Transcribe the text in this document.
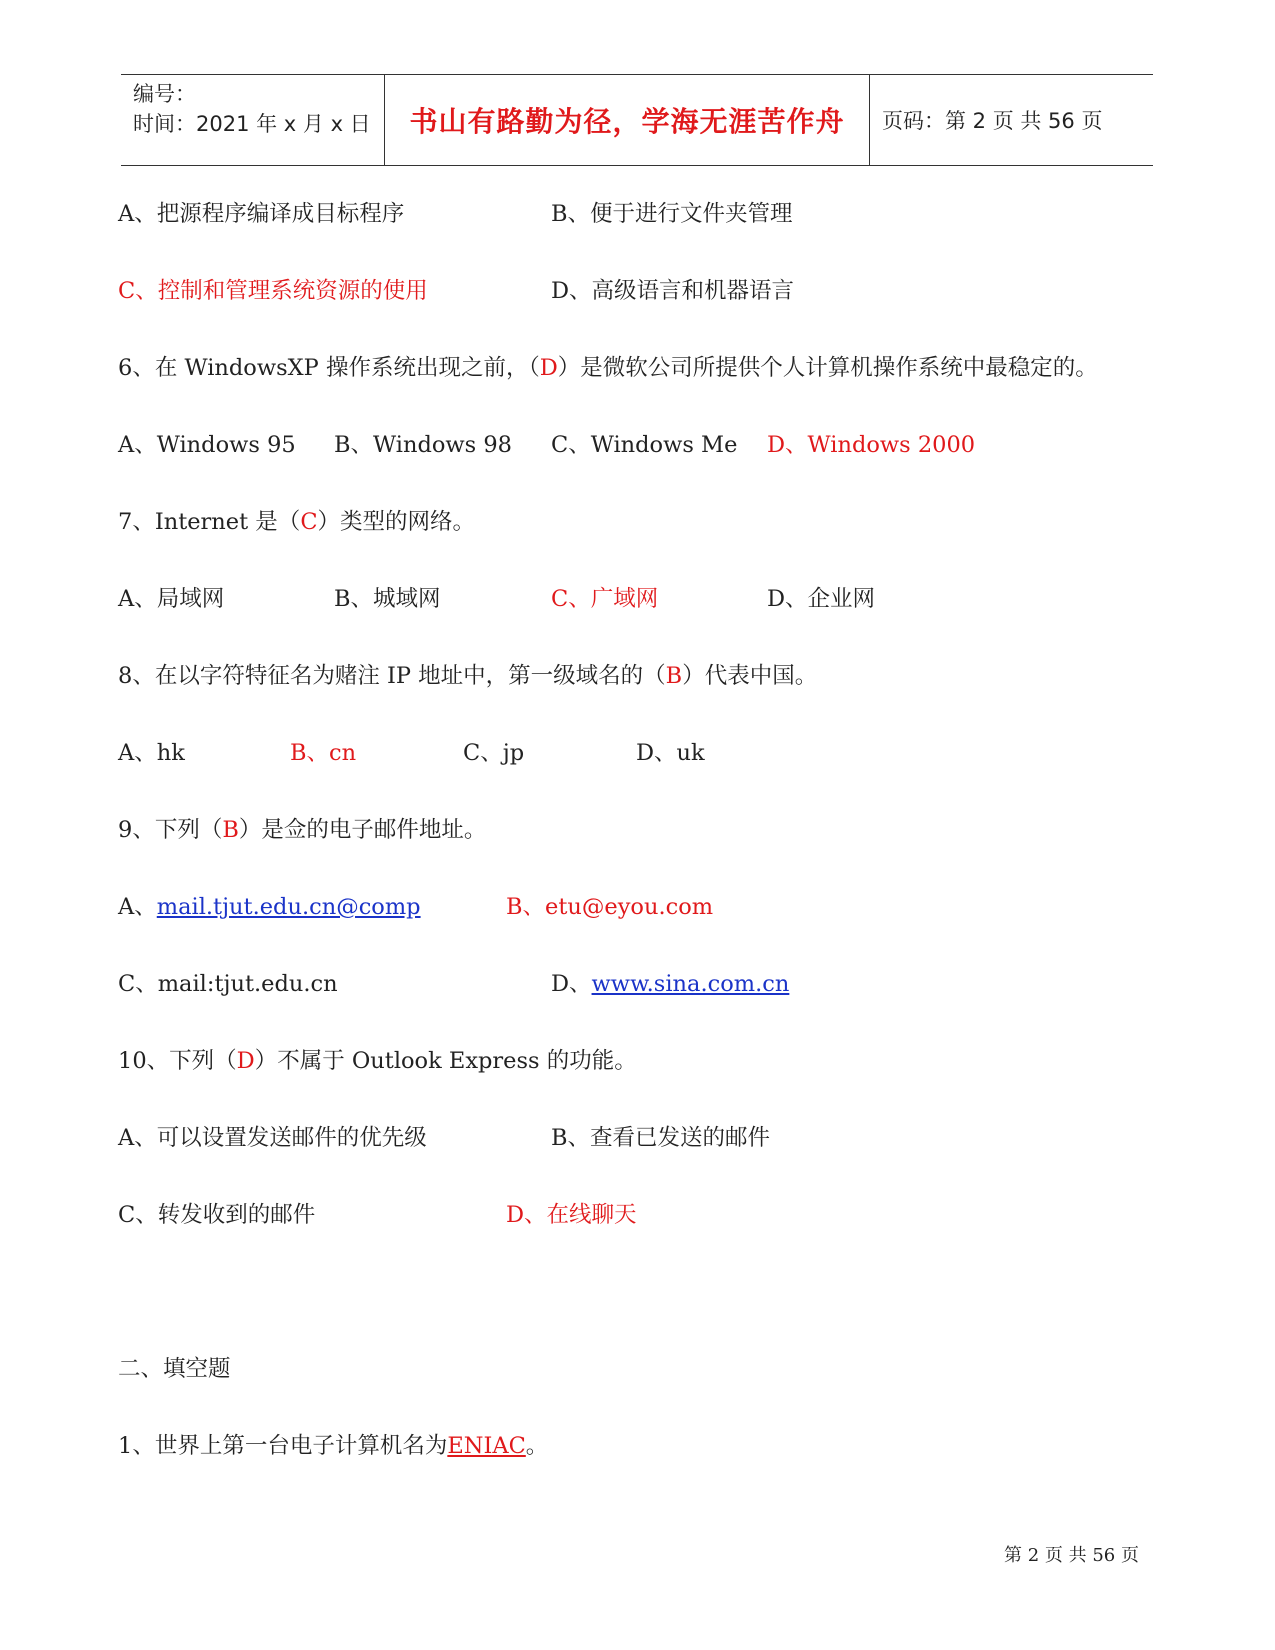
编号：
时间：2021 年 x 月 x 日	书山有路勤为径，学海无涯苦作舟 页码：第 2 页 共 56 页
A、把源程序编译成目标程序	B、便于进行文件夹管理
C、控制和管理系统资源的使用	D、高级语言和机器语言
6、在 WindowsXP 操作系统出现之前，（D）是微软公司所提供个人计算机操作系统中最稳定的。
A、Windows 95 B、Windows 98 C、Windows Me D、Windows 2000
7、Internet 是（C）类型的网络。
A、局域网	B、城域网	C、广域网	D、企业网
8、在以字符特征名为赌注 IP 地址中，第一级域名的（B）代表中国。
A、hk	B、cn	C、jp	D、uk
9、下列（B）是佥的电子邮件地址。
A、mail.tjut.edu.cn@comp	B、etu@eyou.com
C、mail:tjut.edu.cn	D、www.sina.com.cn
10、下列（D）不属于 Outlook Express 的功能。
A、可以设置发送邮件的优先级	B、查看已发送的邮件
C、转发收到的邮件	D、在线聊天
二、填空题
1、世界上第一台电子计算机名为ENIAC。
第 2 页 共 56 页
